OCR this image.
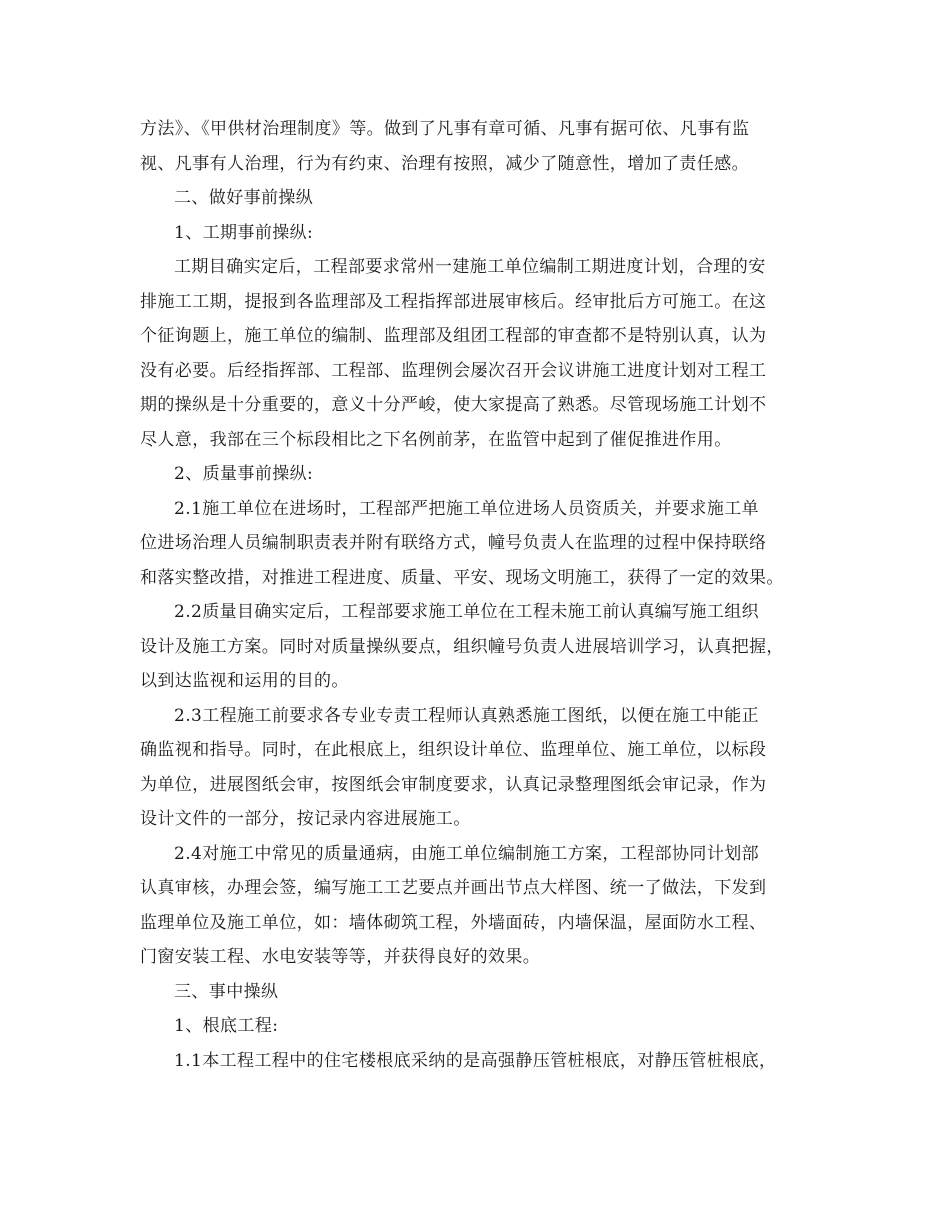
方法》、《甲供材治理制度》等。做到了凡事有章可循、凡事有据可依、凡事有监
视、凡事有人治理，行为有约束、治理有按照，减少了随意性，增加了责任感。
二、做好事前操纵
1、工期事前操纵:
工期目确实定后，工程部要求常州一建施工单位编制工期进度计划，合理的安
排施工工期，提报到各监理部及工程指挥部进展审核后。经审批后方可施工。在这
个征询题上，施工单位的编制、监理部及组团工程部的审查都不是特别认真，认为
没有必要。后经指挥部、工程部、监理例会屡次召开会议讲施工进度计划对工程工
期的操纵是十分重要的，意义十分严峻，使大家提高了熟悉。尽管现场施工计划不
尽人意，我部在三个标段相比之下名例前茅，在监管中起到了催促推进作用。
2、质量事前操纵:
2.1施工单位在进场时，工程部严把施工单位进场人员资质关，并要求施工单
位进场治理人员编制职责表并附有联络方式，幢号负责人在监理的过程中保持联络
和落实整改措，对推进工程进度、质量、平安、现场文明施工，获得了一定的效果。
2.2质量目确实定后，工程部要求施工单位在工程未施工前认真编写施工组织
设计及施工方案。同时对质量操纵要点，组织幢号负责人进展培训学习，认真把握，
以到达监视和运用的目的。
2.3工程施工前要求各专业专责工程师认真熟悉施工图纸，以便在施工中能正
确监视和指导。同时，在此根底上，组织设计单位、监理单位、施工单位，以标段
为单位，进展图纸会审，按图纸会审制度要求，认真记录整理图纸会审记录，作为
设计文件的一部分，按记录内容进展施工。
2.4对施工中常见的质量通病，由施工单位编制施工方案，工程部协同计划部
认真审核，办理会签，编写施工工艺要点并画出节点大样图、统一了做法，下发到
监理单位及施工单位，如：墙体砌筑工程，外墙面砖，内墙保温，屋面防水工程、
门窗安装工程、水电安装等等，并获得良好的效果。
三、事中操纵
1、根底工程:
1.1本工程工程中的住宅楼根底采纳的是高强静压管桩根底，对静压管桩根底，
